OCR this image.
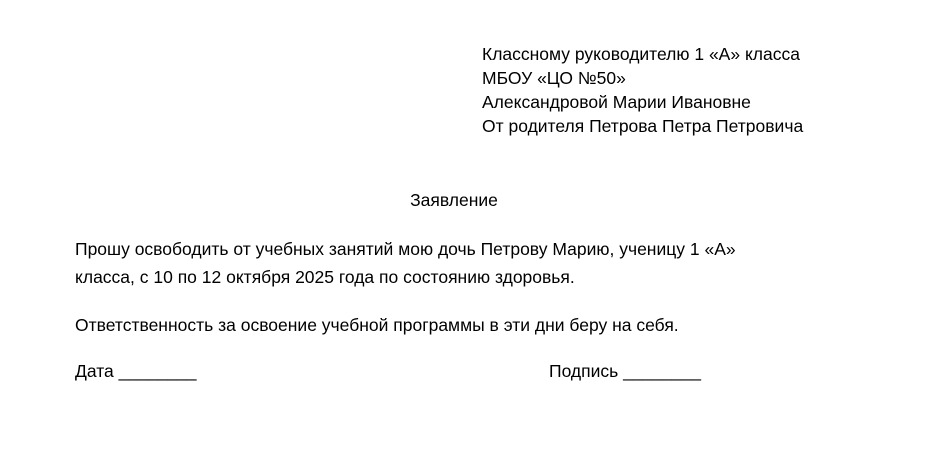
Классному руководителю 1 «А» класса
МБОУ «ЦО №50»
Александровой Марии Ивановне
От родителя Петрова Петра Петровича
Заявление
Прошу освободить от учебных занятий мою дочь Петрову Марию, ученицу 1 «А»
класса, с 10 по 12 октября 2025 года по состоянию здоровья.
Ответственность за освоение учебной программы в эти дни беру на себя.
Дата ________	Подпись ________
